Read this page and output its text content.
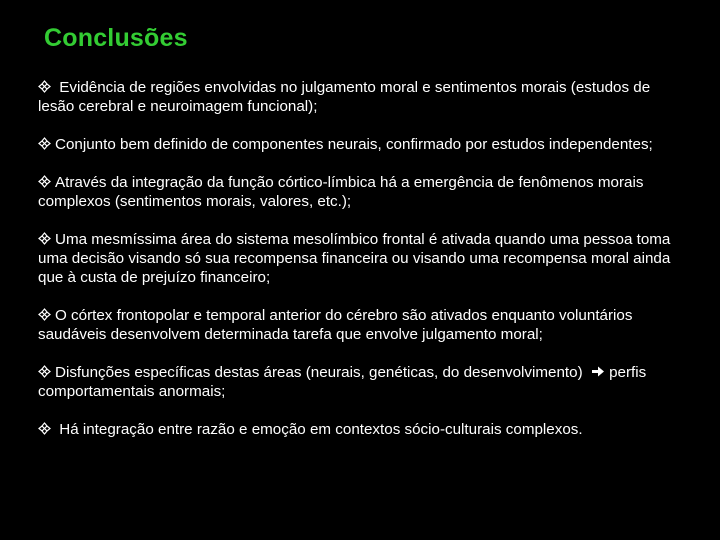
Conclusões
Evidência de regiões envolvidas no julgamento moral e sentimentos morais (estudos de lesão cerebral e neuroimagem funcional);
Conjunto bem definido de componentes neurais, confirmado por estudos independentes;
Através da integração da função córtico-límbica há a emergência de fenômenos morais complexos (sentimentos morais, valores, etc.);
Uma mesmíssima área do sistema mesolímbico frontal é ativada quando uma pessoa toma uma decisão visando só sua recompensa financeira ou visando uma recompensa moral ainda que à custa de prejuízo financeiro;
O córtex frontopolar e temporal anterior do cérebro são ativados enquanto voluntários saudáveis desenvolvem determinada tarefa que envolve julgamento moral;
Disfunções específicas destas áreas (neurais, genéticas, do desenvolvimento)
perfis comportamentais anormais;
Há integração entre razão e emoção em contextos sócio-culturais complexos.
